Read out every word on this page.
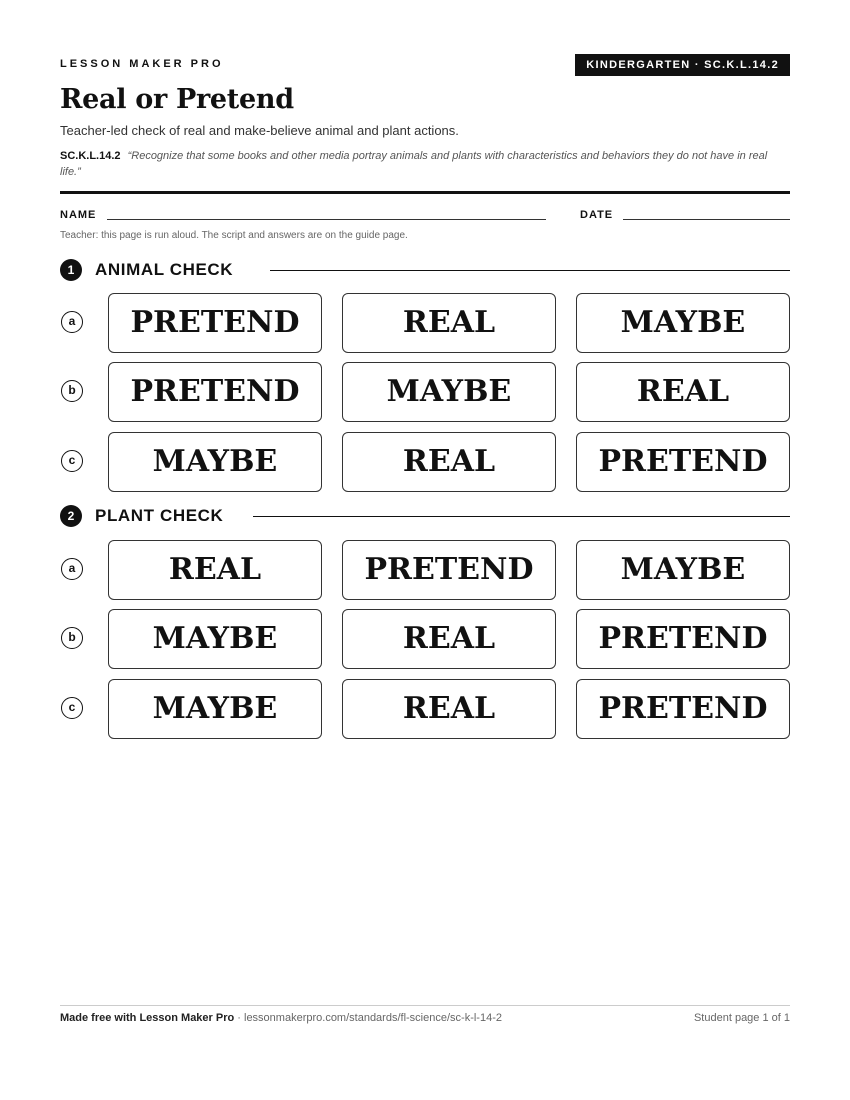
LESSON MAKER PRO	KINDERGARTEN · SC.K.L.14.2
Real or Pretend
Teacher-led check of real and make-believe animal and plant actions.
SC.K.L.14.2 “Recognize that some books and other media portray animals and plants with characteristics and behaviors they do not have in real life.”
NAME	DATE
Teacher: this page is run aloud. The script and answers are on the guide page.
1	ANIMAL CHECK
a	PRETEND	REAL	MAYBE
b	PRETEND	MAYBE	REAL
c	MAYBE	REAL	PRETEND
2	PLANT CHECK
a	REAL	PRETEND	MAYBE
b	MAYBE	REAL	PRETEND
c	MAYBE	REAL	PRETEND
Made free with Lesson Maker Pro · lessonmakerpro.com/standards/fl-science/sc-k-l-14-2	Student page 1 of 1
